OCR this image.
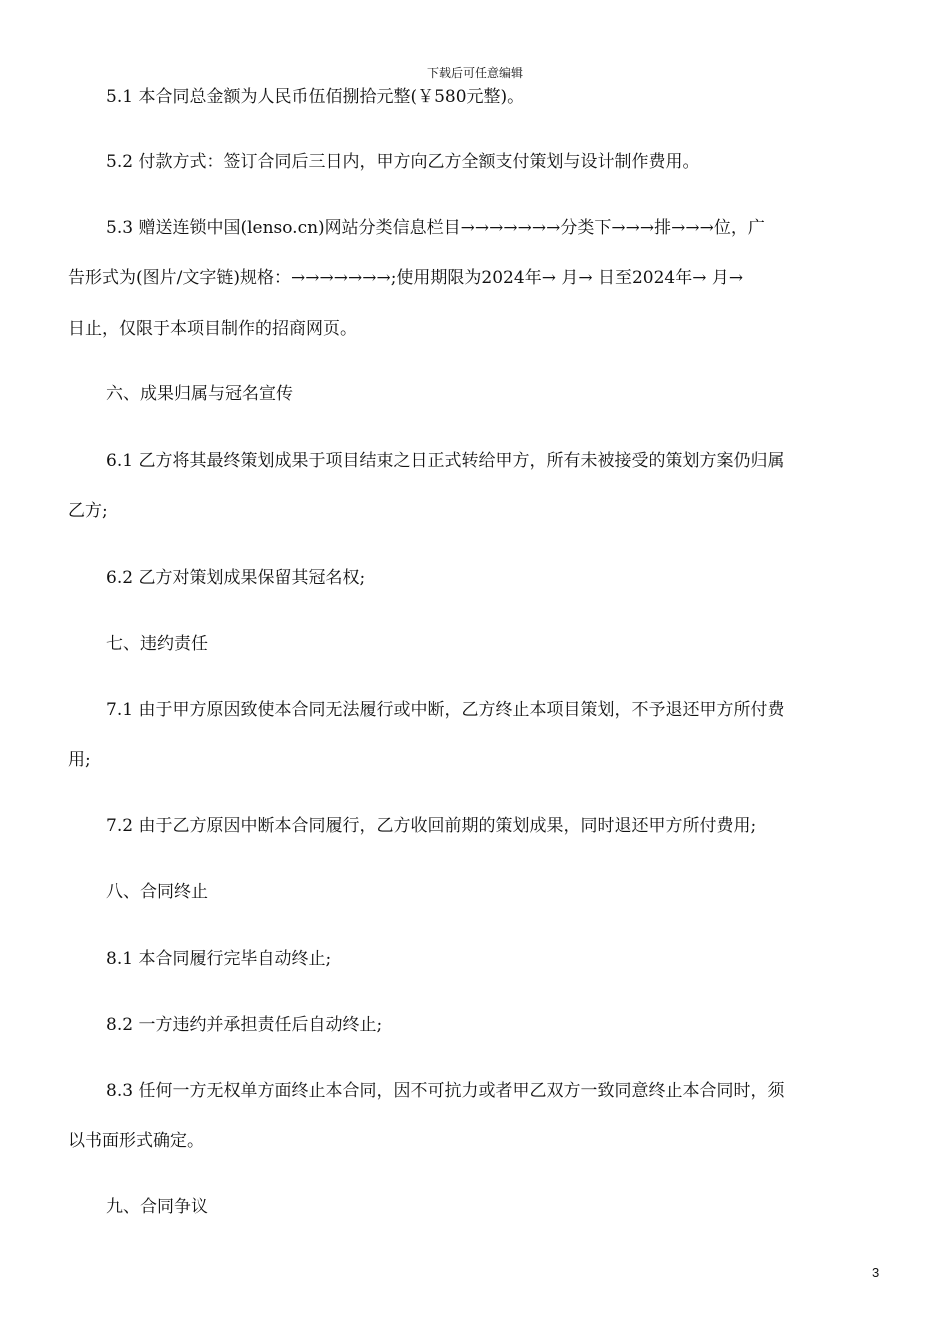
下载后可任意编辑
5.1 本合同总金额为人民币伍佰捌拾元整(￥580元整)。
5.2 付款方式：签订合同后三日内，甲方向乙方全额支付策划与设计制作费用。
5.3 赠送连锁中国(lenso.cn)网站分类信息栏目→→→→→→→分类下→→→排→→→位，广
告形式为(图片/文字链)规格：→→→→→→→;使用期限为2024年→ 月→ 日至2024年→ 月→
日止，仅限于本项目制作的招商网页。
六、成果归属与冠名宣传
6.1 乙方将其最终策划成果于项目结束之日正式转给甲方，所有未被接受的策划方案仍归属
乙方;
6.2 乙方对策划成果保留其冠名权;
七、违约责任
7.1 由于甲方原因致使本合同无法履行或中断，乙方终止本项目策划，不予退还甲方所付费
用;
7.2 由于乙方原因中断本合同履行，乙方收回前期的策划成果，同时退还甲方所付费用;
八、合同终止
8.1 本合同履行完毕自动终止;
8.2 一方违约并承担责任后自动终止;
8.3 任何一方无权单方面终止本合同，因不可抗力或者甲乙双方一致同意终止本合同时，须
以书面形式确定。
九、合同争议
3
